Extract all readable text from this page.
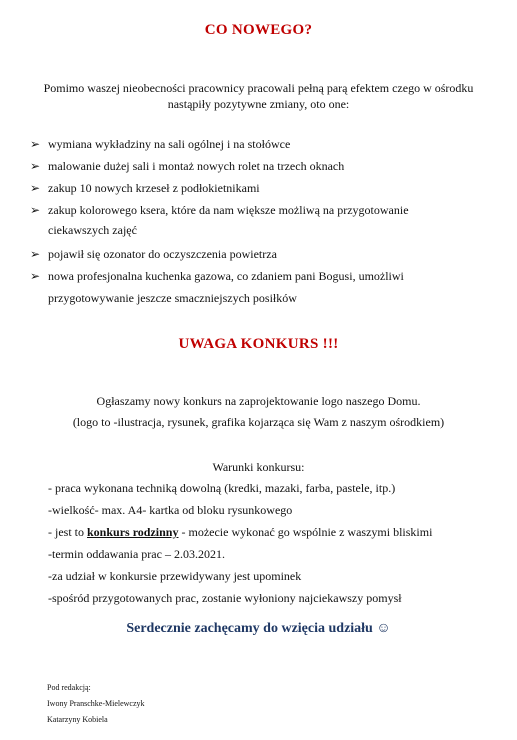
CO NOWEGO?
Pomimo waszej nieobecności pracownicy pracowali pełną parą efektem czego w ośrodku
nastąpiły pozytywne zmiany, oto one:
➢ wymiana wykładziny na sali ogólnej i na stołówce
➢ malowanie dużej sali i montaż nowych rolet na trzech oknach
➢ zakup 10 nowych krzeseł z podłokietnikami
➢ zakup kolorowego ksera, które da nam większe możliwą na przygotowanie
ciekawszych zajęć
➢ pojawił się ozonator do oczyszczenia powietrza
➢ nowa profesjonalna kuchenka gazowa, co zdaniem pani Bogusi, umożliwi
przygotowywanie jeszcze smaczniejszych posiłków
UWAGA KONKURS !!!
Ogłaszamy nowy konkurs na zaprojektowanie logo naszego Domu.
(logo to -ilustracja, rysunek, grafika kojarząca się Wam z naszym ośrodkiem)
Warunki konkursu:
- praca wykonana techniką dowolną (kredki, mazaki, farba, pastele, itp.)
-wielkość- max. A4- kartka od bloku rysunkowego
- jest to konkurs rodzinny - możecie wykonać go wspólnie z waszymi bliskimi
-termin oddawania prac – 2.03.2021.
-za udział w konkursie przewidywany jest upominek
-spośród przygotowanych prac, zostanie wyłoniony najciekawszy pomysł
Serdecznie zachęcamy do wzięcia udziału ☺
Pod redakcją:
Iwony Pranschke-Mielewczyk
Katarzyny Kobiela
